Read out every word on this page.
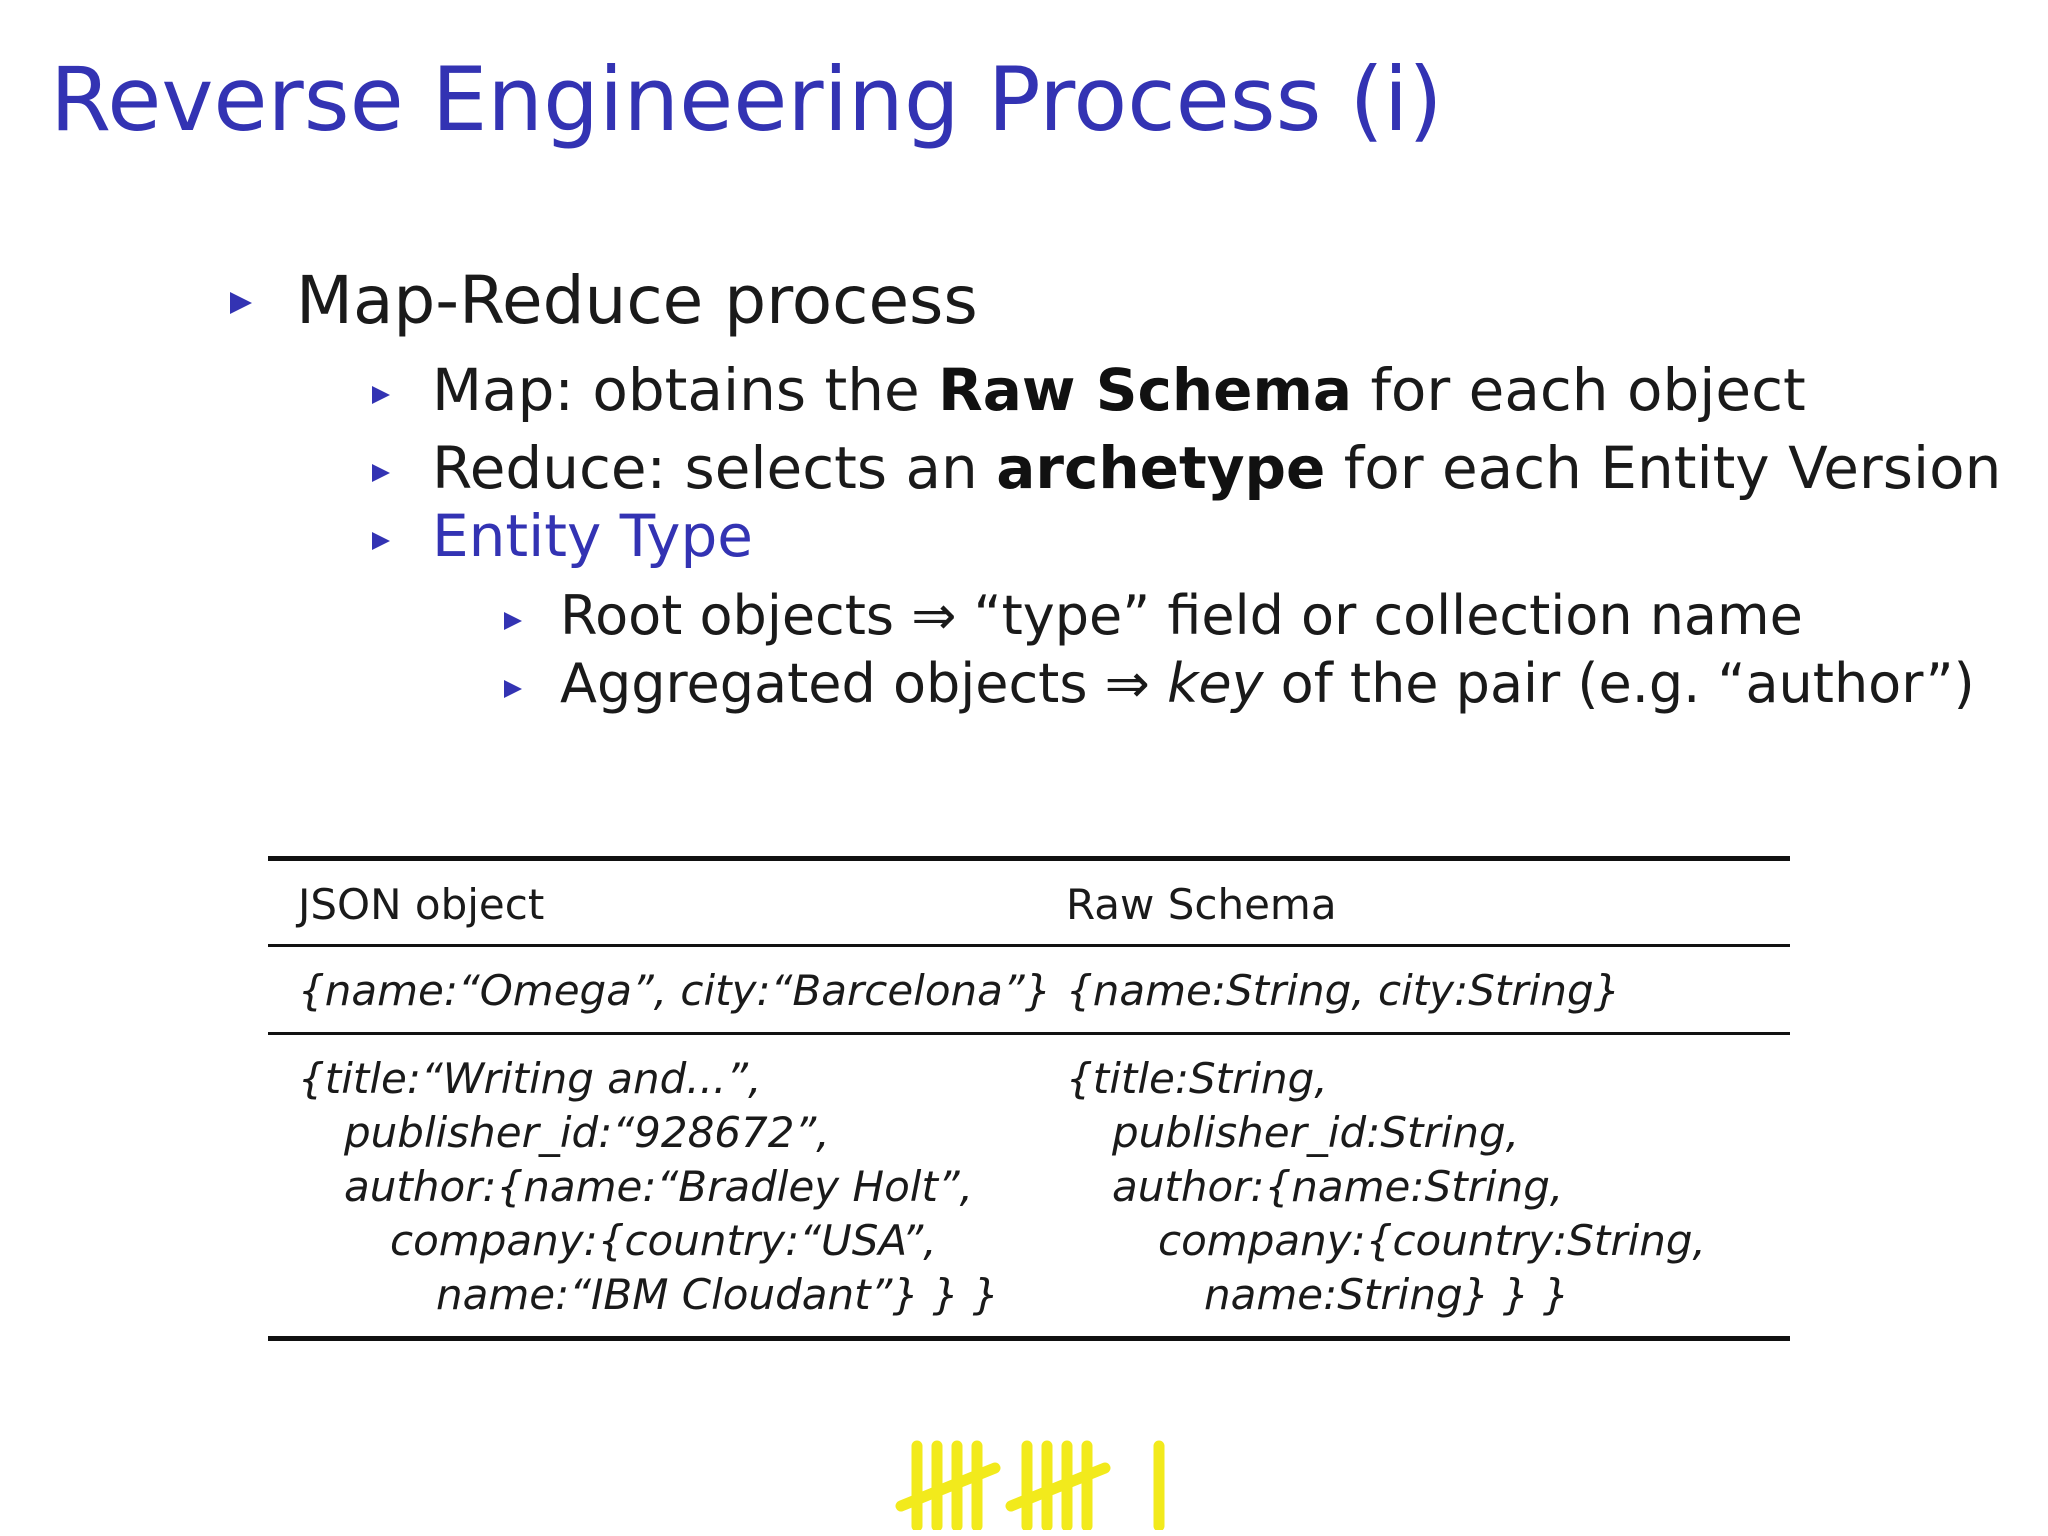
Reverse Engineering Process (i)
Map-Reduce process
Map: obtains the Raw Schema for each object
Reduce: selects an archetype for each Entity Version
Entity Type
Root objects ⇒ “type” field or collection name
Aggregated objects ⇒ key of the pair (e.g. “author”)
JSON object	Raw Schema
{name:“Omega”, city:“Barcelona”} {name:String, city:String}
{title:“Writing and...”,
publisher_id:“928672”,
author:{name:“Bradley Holt”,
company:{country:“USA”,
name:“IBM Cloudant”} } }
{title:String,
publisher_id:String,
author:{name:String,
company:{country:String,
name:String} } }
